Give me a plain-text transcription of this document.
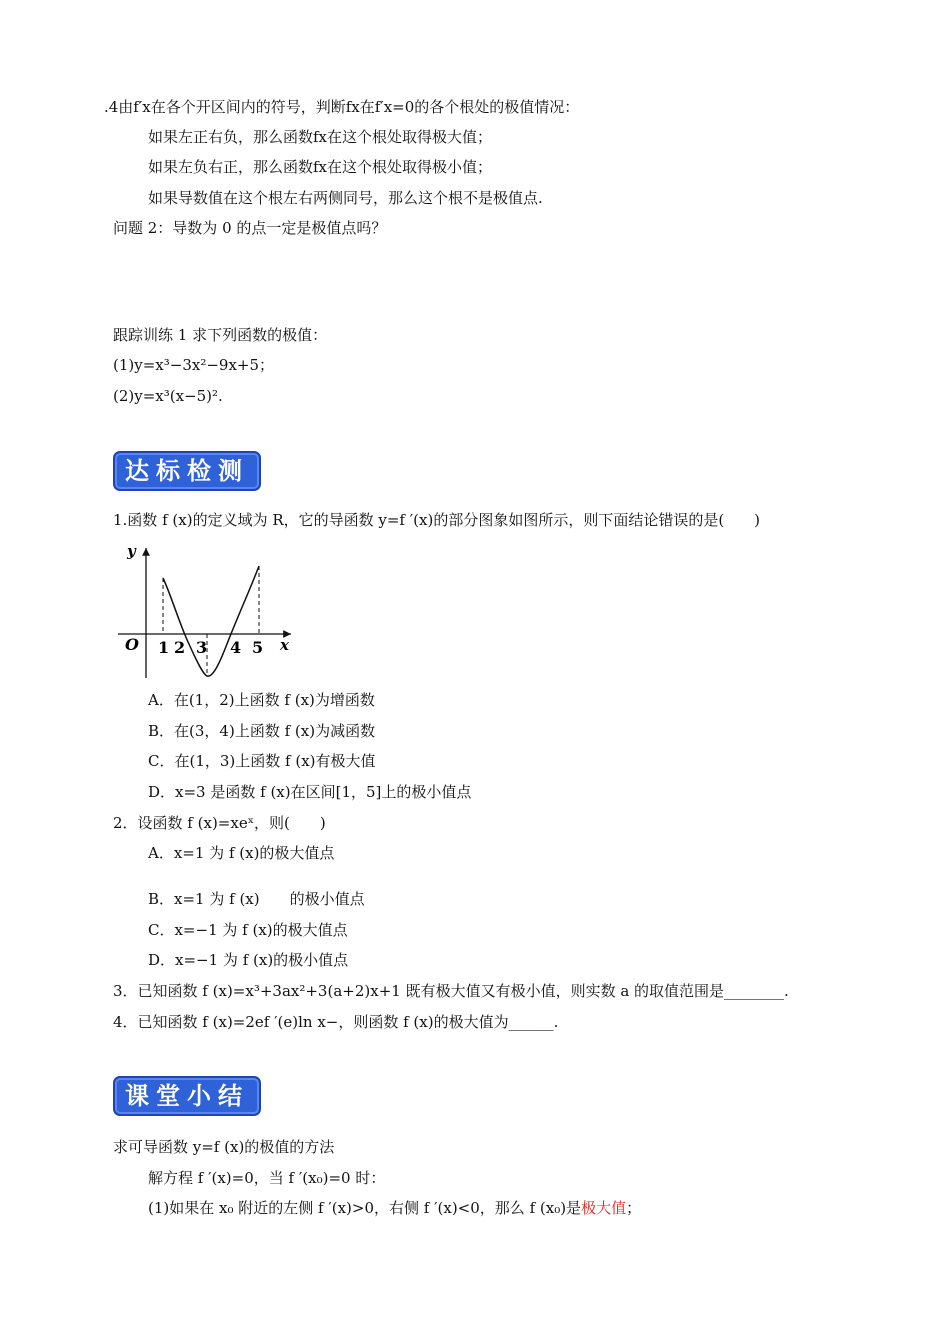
.4由f′x在各个开区间内的符号，判断fx在f′x=0的各个根处的极值情况：
如果左正右负，那么函数fx在这个根处取得极大值；
如果左负右正，那么函数fx在这个根处取得极小值；
如果导数值在这个根左右两侧同号，那么这个根不是极值点.
问题 2：导数为 0 的点一定是极值点吗？
跟踪训练 1 求下列函数的极值：
(1)y=x³−3x²−9x+5；
(2)y=x³(x−5)².
达标检测
1.函数 f (x)的定义域为 R，它的导函数 y=f ′(x)的部分图象如图所示，则下面结论错误的是(　　)
y
x
O 1 2 3 4 5
A．在(1，2)上函数 f (x)为增函数
B．在(3，4)上函数 f (x)为减函数
C．在(1，3)上函数 f (x)有极大值
D．x=3 是函数 f (x)在区间[1，5]上的极小值点
2．设函数 f (x)=xeˣ，则(　　)
A．x=1 为 f (x)的极大值点
B．x=1 为 f (x)　　的极小值点
C．x=−1 为 f (x)的极大值点
D．x=−1 为 f (x)的极小值点
3．已知函数 f (x)=x³+3ax²+3(a+2)x+1 既有极大值又有极小值，则实数 a 的取值范围是________.
4．已知函数 f (x)=2ef ′(e)ln x−，则函数 f (x)的极大值为______.
课堂小结
求可导函数 y=f (x)的极值的方法
解方程 f ′(x)=0，当 f ′(x₀)=0 时：
(1)如果在 x₀ 附近的左侧 f ′(x)>0，右侧 f ′(x)<0，那么 f (x₀)是极大值；
